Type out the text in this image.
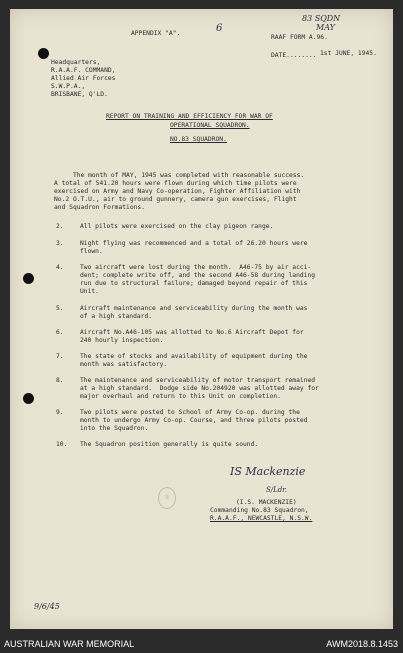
APPENDIX "A".	6
83 SQDN
MAY
RAAF FORM A.96.
DATE........ 1st JUNE, 1945.
Headquarters,
R.A.A.F. COMMAND,
Allied Air Forces
S.W.P.A.,
BRISBANE, Q'LD.
REPORT ON TRAINING AND EFFICIENCY FOR WAR OF
OPERATIONAL SQUADRON.
NO.83 SQUADRON.
The month of MAY, 1945 was completed with reasonable success.
A total of 541.20 hours were flown during which time pilots were
exercised on Army and Navy Co-operation, Fighter Affiliation with
No.2 O.T.U., air to ground gunnery, camera gun exercises, Flight
and Squadron Formations.
2.	All pilots were exercised on the clay pigeon range.
3.	Night flying was recommenced and a total of 26.20 hours were
flown.
4.	Two aircraft were lost during the month.  A46-75 by air acci-
dent; complete write off, and the second A46-58 during landing
run due to structural failure; damaged beyond repair of this
Unit.
5.	Aircraft maintenance and serviceability during the month was
of a high standard.
6.	Aircraft No.A46-105 was allotted to No.6 Aircraft Depot for
240 hourly inspection.
7.	The state of stocks and availability of equipment during the
month was satisfactory.
8.	The maintenance and serviceability of motor transport remained
at a high standard.  Dodge side No.204920 was allotted away for
major overhaul and return to this Unit on completion.
9.	Two pilots were posted to School of Army Co-op. during the
month to undergo Army Co-op. Course, and three pilots posted
into the Squadron.
10. The Squadron position generally is quite sound.
8
IS Mackenzie
S/Ldr.
(I.S. MACKENZIE)
Commanding No.83 Squadron,
R.A.A.F., NEWCASTLE, N.S.W.
9/6/45
AUSTRALIAN WAR MEMORIAL	AWM2018.8.1453
